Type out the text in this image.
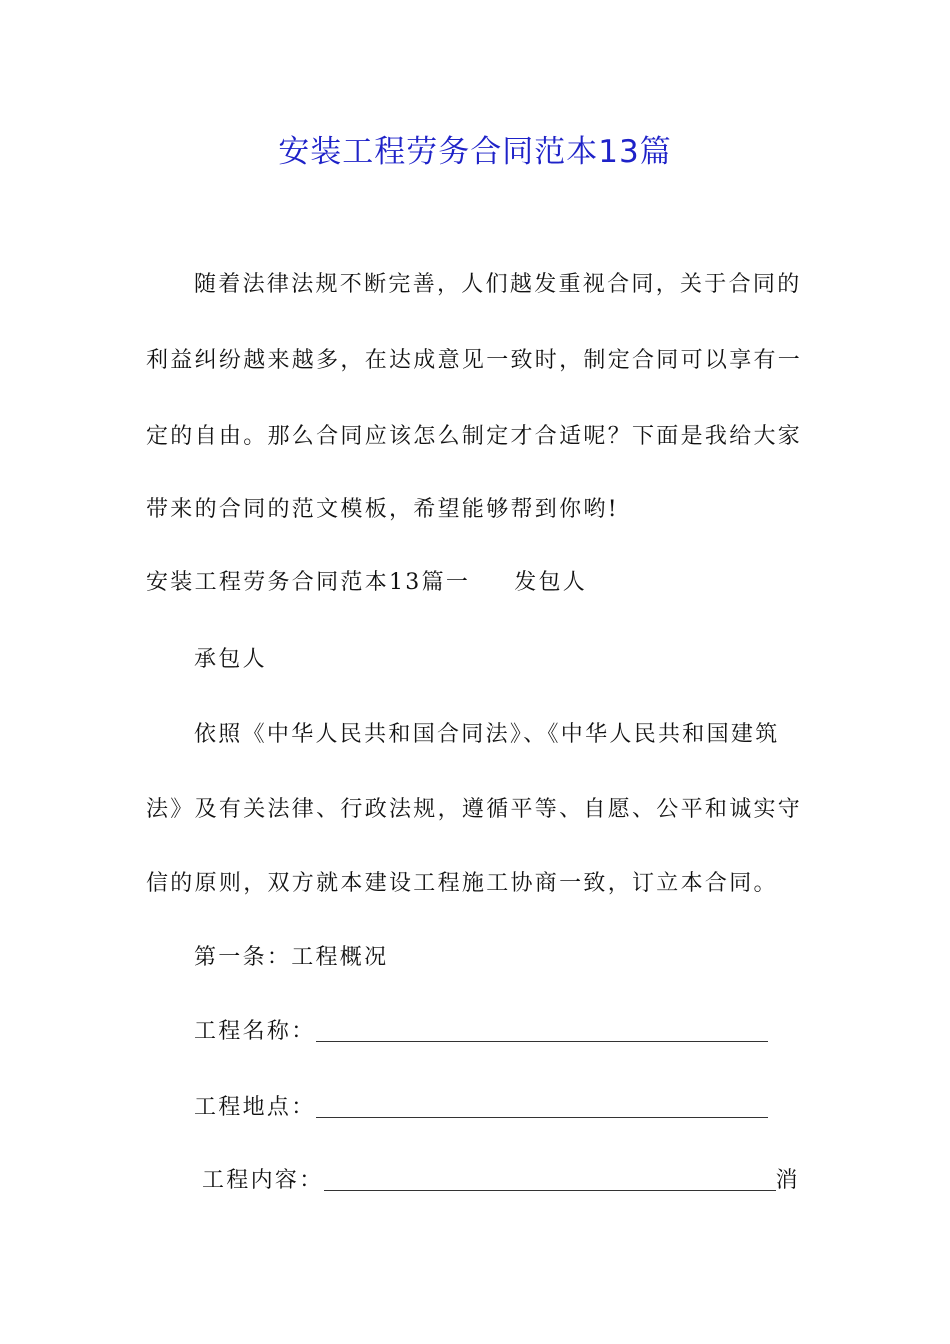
安装工程劳务合同范本13篇
随着法律法规不断完善，人们越发重视合同，关于合同的
利益纠纷越来越多，在达成意见一致时，制定合同可以享有一
定的自由。那么合同应该怎么制定才合适呢？下面是我给大家
带来的合同的范文模板，希望能够帮到你哟!
安装工程劳务合同范本13篇一 发包人
承包人
依照《中华人民共和国合同法》、《中华人民共和国建筑
法》及有关法律、行政法规，遵循平等、自愿、公平和诚实守
信的原则，双方就本建设工程施工协商一致，订立本合同。
第一条：工程概况
工程名称：
工程地点：
工程内容：	消
